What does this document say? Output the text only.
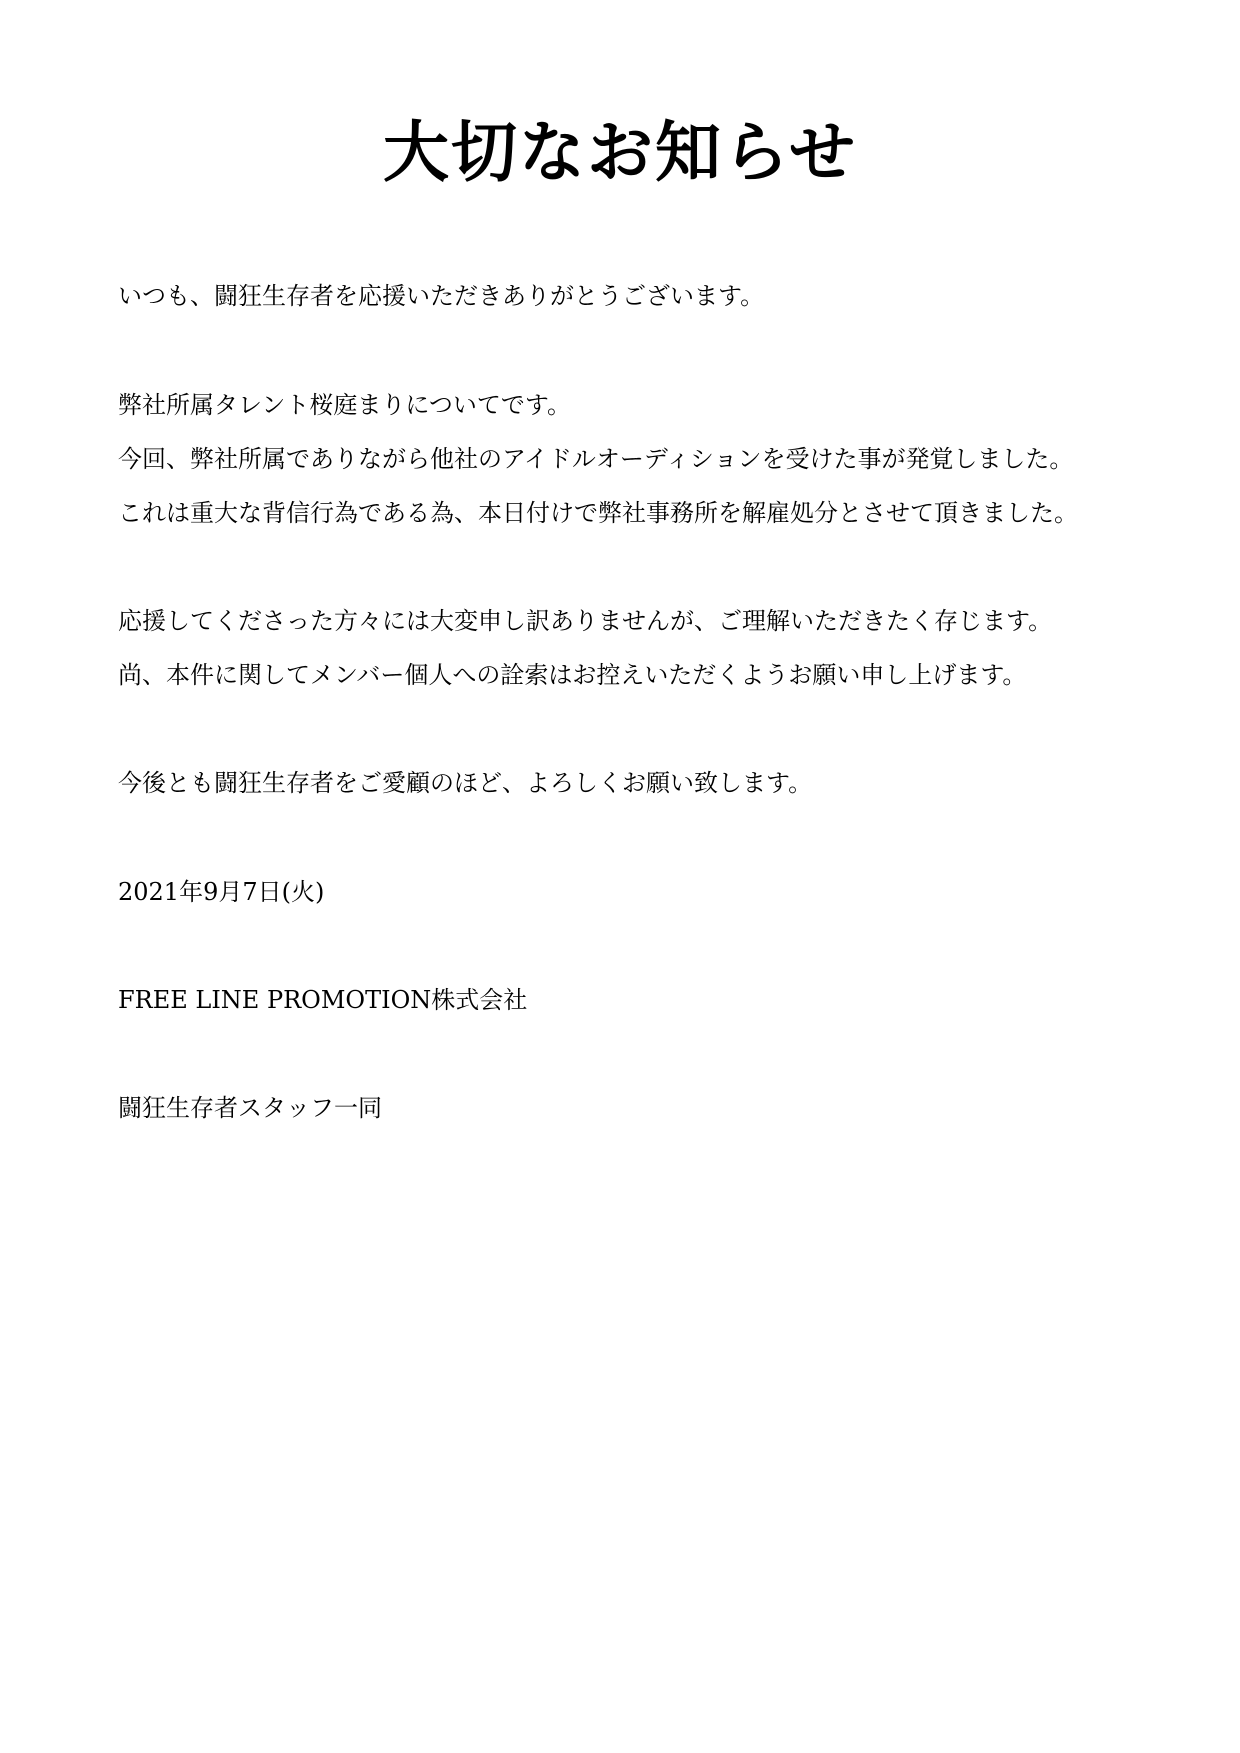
大切なお知らせ

いつも、闘狂生存者を応援いただきありがとうございます。

弊社所属タレント桜庭まりについてです。

今回、弊社所属でありながら他社のアイドルオーディションを受けた事が発覚しました。

これは重大な背信行為である為、本日付けで弊社事務所を解雇処分とさせて頂きました。

応援してくださった方々には大変申し訳ありませんが、ご理解いただきたく存じます。

尚、本件に関してメンバー個人への詮索はお控えいただくようお願い申し上げます。

今後とも闘狂生存者をご愛顧のほど、よろしくお願い致します。

2021年9月7日(火)

FREE LINE PROMOTION株式会社

闘狂生存者スタッフ一同
